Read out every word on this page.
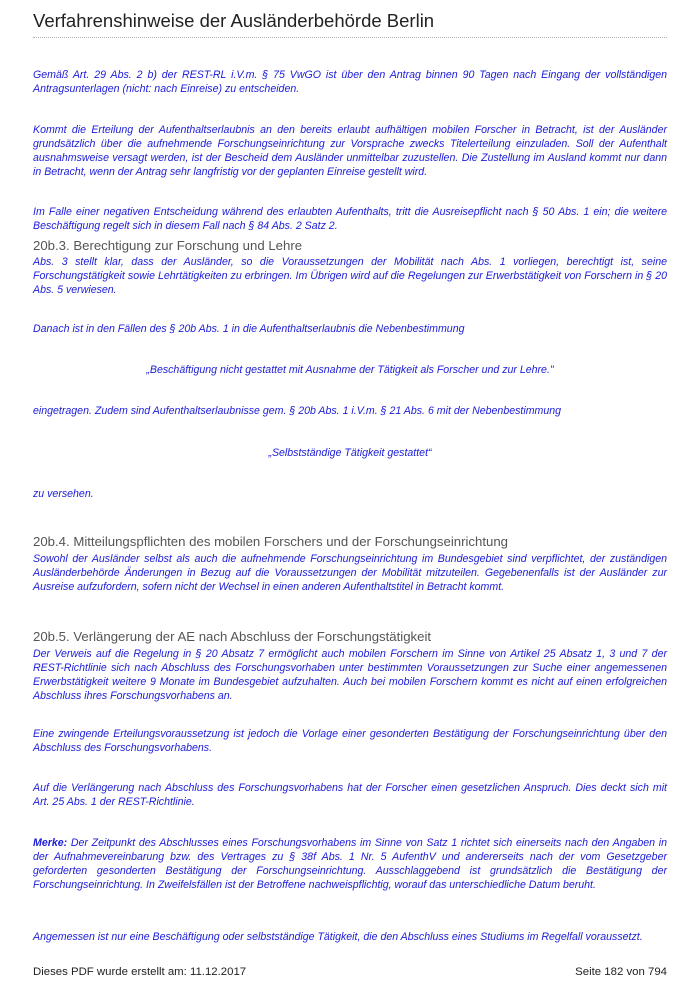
Verfahrenshinweise der Ausländerbehörde Berlin
Gemäß Art. 29 Abs. 2 b) der REST-RL i.V.m. § 75 VwGO ist über den Antrag binnen 90 Tagen nach Eingang der vollständigen Antragsunterlagen (nicht: nach Einreise) zu entscheiden.
Kommt die Erteilung der Aufenthaltserlaubnis an den bereits erlaubt aufhältigen mobilen Forscher in Betracht, ist der Ausländer grundsätzlich über die aufnehmende Forschungseinrichtung zur Vorsprache zwecks Titelerteilung einzuladen. Soll der Aufenthalt ausnahmsweise versagt werden, ist der Bescheid dem Ausländer unmittelbar zuzustellen. Die Zustellung im Ausland kommt nur dann in Betracht, wenn der Antrag sehr langfristig vor der geplanten Einreise gestellt wird.
Im Falle einer negativen Entscheidung während des erlaubten Aufenthalts, tritt die Ausreisepflicht nach § 50 Abs. 1 ein; die weitere Beschäftigung regelt sich in diesem Fall nach § 84 Abs. 2 Satz 2.
20b.3. Berechtigung zur Forschung und Lehre
Abs. 3 stellt klar, dass der Ausländer, so die Voraussetzungen der Mobilität nach Abs. 1 vorliegen, berechtigt ist, seine Forschungstätigkeit sowie Lehrtätigkeiten zu erbringen. Im Übrigen wird auf die Regelungen zur Erwerbstätigkeit von Forschern in § 20 Abs. 5 verwiesen.
Danach ist in den Fällen des § 20b Abs. 1 in die Aufenthaltserlaubnis die Nebenbestimmung
„Beschäftigung nicht gestattet mit Ausnahme der Tätigkeit als Forscher und zur Lehre."
eingetragen. Zudem sind Aufenthaltserlaubnisse gem. § 20b Abs. 1 i.V.m. § 21 Abs. 6 mit der Nebenbestimmung
„Selbstständige Tätigkeit gestattet“
zu versehen.
20b.4. Mitteilungspflichten des mobilen Forschers und der Forschungseinrichtung
Sowohl der Ausländer selbst als auch die aufnehmende Forschungseinrichtung im Bundesgebiet sind verpflichtet, der zuständigen Ausländerbehörde Änderungen in Bezug auf die Voraussetzungen der Mobilität mitzuteilen. Gegebenenfalls ist der Ausländer zur Ausreise aufzufordern, sofern nicht der Wechsel in einen anderen Aufenthaltstitel in Betracht kommt.
20b.5. Verlängerung der AE nach Abschluss der Forschungstätigkeit
Der Verweis auf die Regelung in § 20 Absatz 7 ermöglicht auch mobilen Forschern im Sinne von Artikel 25 Absatz 1, 3 und 7 der REST-Richtlinie sich nach Abschluss des Forschungsvorhaben unter bestimmten Voraussetzungen zur Suche einer angemessenen Erwerbstätigkeit weitere 9 Monate im Bundesgebiet aufzuhalten. Auch bei mobilen Forschern kommt es nicht auf einen erfolgreichen Abschluss ihres Forschungsvorhabens an.
Eine zwingende Erteilungsvoraussetzung ist jedoch die Vorlage einer gesonderten Bestätigung der Forschungseinrichtung über den Abschluss des Forschungsvorhabens.
Auf die Verlängerung nach Abschluss des Forschungsvorhabens hat der Forscher einen gesetzlichen Anspruch. Dies deckt sich mit Art. 25 Abs. 1 der REST-Richtlinie.
Merke: Der Zeitpunkt des Abschlusses eines Forschungsvorhabens im Sinne von Satz 1 richtet sich einerseits nach den Angaben in der Aufnahmevereinbarung bzw. des Vertrages zu § 38f Abs. 1 Nr. 5 AufenthV und andererseits nach der vom Gesetzgeber geforderten gesonderten Bestätigung der Forschungseinrichtung. Ausschlaggebend ist grundsätzlich die Bestätigung der Forschungseinrichtung. In Zweifelsfällen ist der Betroffene nachweispflichtig, worauf das unterschiedliche Datum beruht.
Angemessen ist nur eine Beschäftigung oder selbstständige Tätigkeit, die den Abschluss eines Studiums im Regelfall voraussetzt.
Dieses PDF wurde erstellt am: 11.12.2017	Seite 182 von 794
